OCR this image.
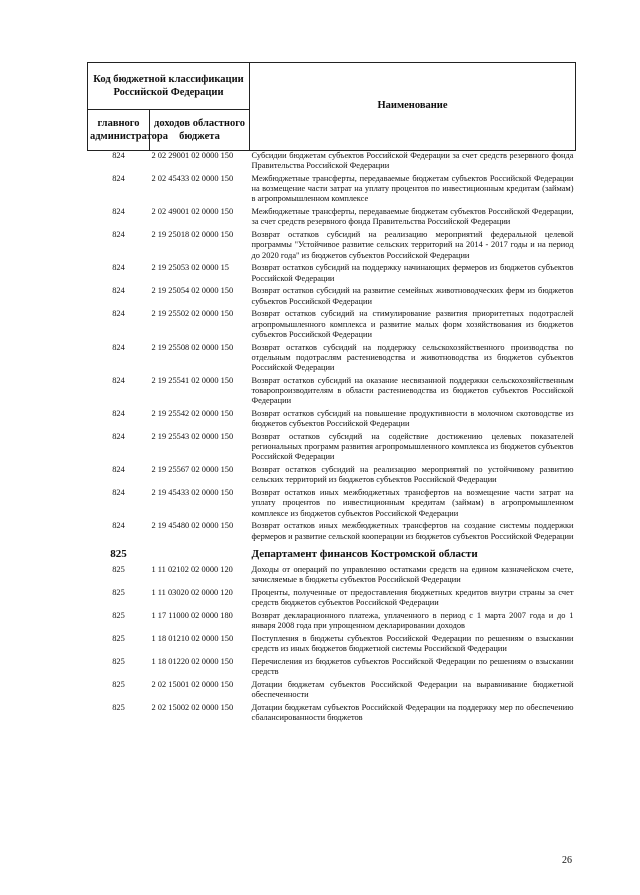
Код бюджетной классификации Российской Федерации		Наименование
главного администратора	доходов областного бюджета	
824	2 02 29001 02 0000 150	Субсидии бюджетам субъектов Российской Федерации за счет средств резервного фонда Правительства Российской Федерации
824	2 02 45433 02 0000 150	Межбюджетные трансферты, передаваемые бюджетам субъектов Российской Федерации на возмещение части затрат на уплату процентов по инвестиционным кредитам (займам) в агропромышленном комплексе
824	2 02 49001 02 0000 150	Межбюджетные трансферты, передаваемые бюджетам субъектов Российской Федерации, за счет средств резервного фонда Правительства Российской Федерации
824	2 19 25018 02 0000 150	Возврат остатков субсидий на реализацию мероприятий федеральной целевой программы "Устойчивое развитие сельских территорий на 2014 - 2017 годы и на период до 2020 года" из бюджетов субъектов Российской Федерации
824	2 19 25053 02 0000 15	Возврат остатков субсидий на поддержку начинающих фермеров из бюджетов субъектов Российской Федерации
824	2 19 25054 02 0000 150	Возврат остатков субсидий на развитие семейных животноводческих ферм из бюджетов субъектов Российской Федерации
824	2 19 25502 02 0000 150	Возврат остатков субсидий на стимулирование развития приоритетных подотраслей агропромышленного комплекса и развитие малых форм хозяйствования из бюджетов субъектов Российской Федерации
824	2 19 25508 02 0000 150	Возврат остатков субсидий на поддержку сельскохозяйственного производства по отдельным подотраслям растениеводства и животноводства из бюджетов субъектов Российской Федерации
824	2 19 25541 02 0000 150	Возврат остатков субсидий на оказание несвязанной поддержки сельскохозяйственным товаропроизводителям в области растениеводства из бюджетов субъектов Российской Федерации
824	2 19 25542 02 0000 150	Возврат остатков субсидий на повышение продуктивности в молочном скотоводстве из бюджетов субъектов Российской Федерации
824	2 19 25543 02 0000 150	Возврат остатков субсидий на содействие достижению целевых показателей региональных программ развития агропромышленного комплекса из бюджетов субъектов Российской Федерации
824	2 19 25567 02 0000 150	Возврат остатков субсидий на реализацию мероприятий по устойчивому развитию сельских территорий из бюджетов субъектов Российской Федерации
824	2 19 45433 02 0000 150	Возврат остатков иных межбюджетных трансфертов на возмещение части затрат на уплату процентов по инвестиционным кредитам (займам) в агропромышленном комплексе из бюджетов субъектов Российской Федерации
824	2 19 45480 02 0000 150	Возврат остатков иных межбюджетных трансфертов на создание системы поддержки фермеров и развитие сельской кооперации из бюджетов субъектов Российской Федерации
825		Департамент финансов Костромской области
825	1 11 02102 02 0000 120	Доходы от операций по управлению остатками средств на едином казначейском счете, зачисляемые в бюджеты субъектов Российской Федерации
825	1 11 03020 02 0000 120	Проценты, полученные от предоставления бюджетных кредитов внутри страны за счет средств бюджетов субъектов Российской Федерации
825	1 17 11000 02 0000 180	Возврат декларационного платежа, уплаченного в период с 1 марта 2007 года и до 1 января 2008 года при упрощенном декларировании доходов
825	1 18 01210 02 0000 150	Поступления в бюджеты субъектов Российской Федерации по решениям о взыскании средств из иных бюджетов бюджетной системы Российской Федерации
825	1 18 01220 02 0000 150	Перечисления из бюджетов субъектов Российской Федерации по решениям о взыскании средств
825	2 02 15001 02 0000 150	Дотации бюджетам субъектов Российской Федерации на выравнивание бюджетной обеспеченности
825	2 02 15002 02 0000 150	Дотации бюджетам субъектов Российской Федерации на поддержку мер по обеспечению сбалансированности бюджетов
26
